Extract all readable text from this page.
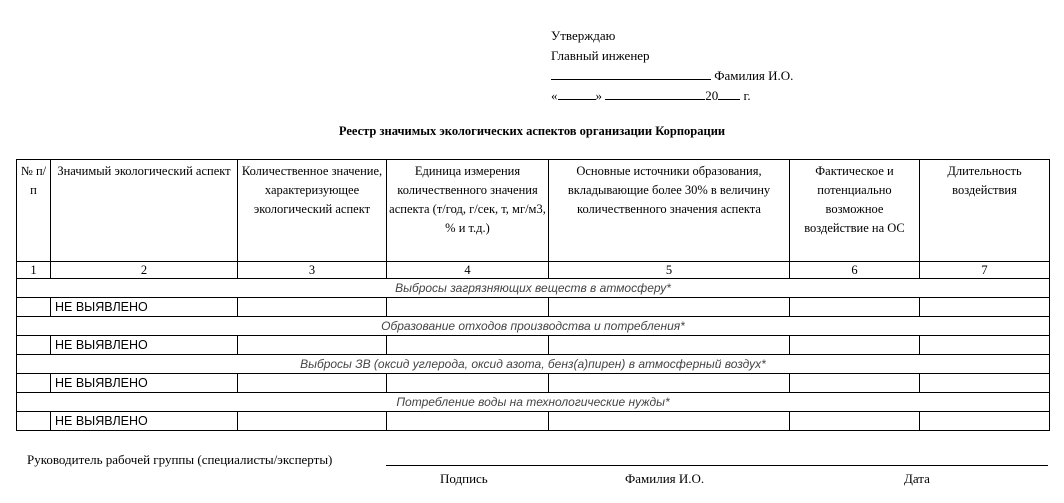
Утверждаю
Главный инженер
Фамилия И.О.
«	»	20 г.
Реестр значимых экологических аспектов организации Корпорации
№ п/п	Значимый экологический аспект	Количественное значение, характеризующее экологический аспект	Единица измерения количественного значения аспекта (т/год, г/сек, т, мг/м3, % и т.д.)	Основные источники образования, вкладывающие более 30% в величину количественного значения аспекта	Фактическое и потенциально возможное воздействие на ОС	Длительность воздействия
1	2	3	4	5	6	7
Выбросы загрязняющих веществ в атмосферу*						
	НЕ ВЫЯВЛЕНО					
Образование отходов производства и потребления*						
	НЕ ВЫЯВЛЕНО					
Выбросы ЗВ (оксид углерода, оксид азота, бенз(а)пирен) в атмосферный воздух*						
	НЕ ВЫЯВЛЕНО					
Потребление воды на технологические нужды*						
	НЕ ВЫЯВЛЕНО					
Руководитель рабочей группы (специалисты/эксперты)
Подпись	Фамилия И.О.	Дата
